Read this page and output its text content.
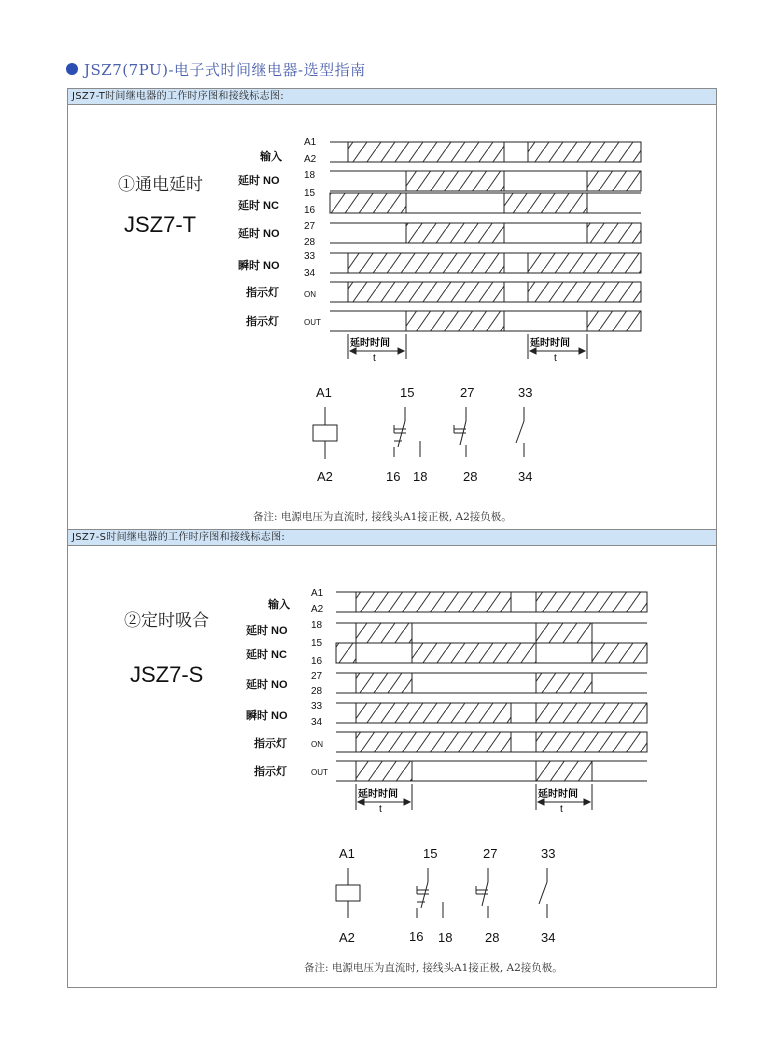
JSZ7(7PU)-电子式时间继电器-选型指南
JSZ7-T时间继电器的工作时序图和接线标志图:
①通电延时
JSZ7-T
输入
延时 NO
延时 NC
延时 NO
瞬时 NO
指示灯
指示灯
A1
A2
18
15
16
27
28
33
34
ON
OUT
延时时间
t
延时时间
t
A1
A2
15
16 18
27
28
33
34
备注: 电源电压为直流时, 接线头A1接正极, A2接负极。
JSZ7-S时间继电器的工作时序图和接线标志图:
②定时吸合
JSZ7-S
输入
延时 NO
延时 NC
延时 NO
瞬时 NO
指示灯
指示灯
A1
A2
18
15
16
27
28
33
34
ON
OUT
延时时间
t
延时时间
t
A1
A2
15
16 18
27
28
33
34
备注: 电源电压为直流时, 接线头A1接正极, A2接负极。
